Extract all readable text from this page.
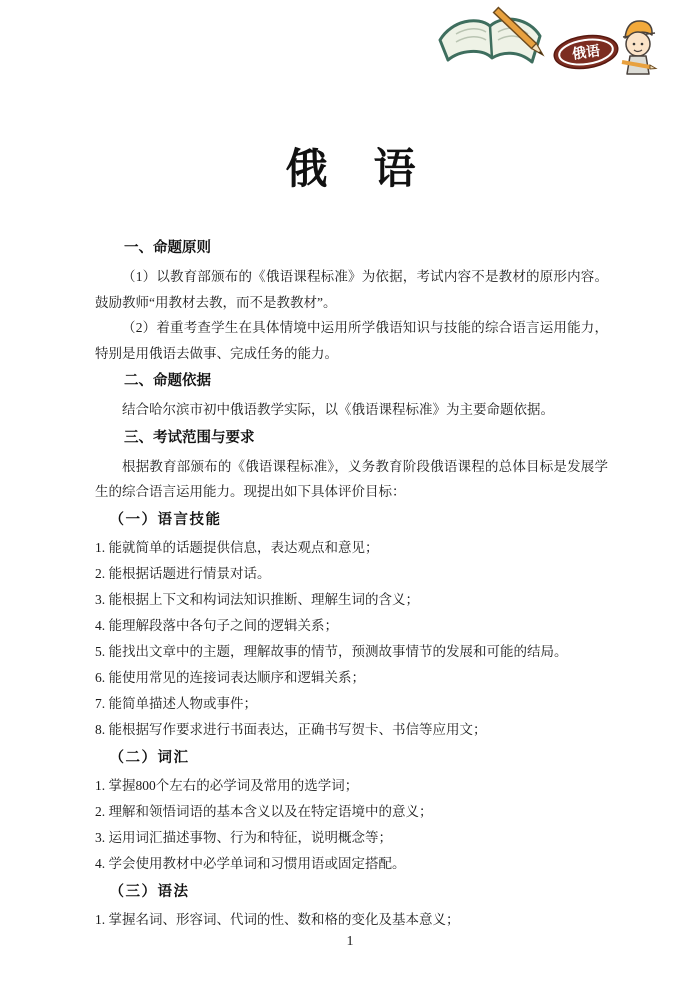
俄语
俄　语
一、命题原则

（1）以教育部颁布的《俄语课程标准》为依据，考试内容不是教材的原形内容。鼓励教师“用教材去教，而不是教教材”。

（2）着重考查学生在具体情境中运用所学俄语知识与技能的综合语言运用能力，特别是用俄语去做事、完成任务的能力。

二、命题依据

结合哈尔滨市初中俄语教学实际，以《俄语课程标准》为主要命题依据。

三、考试范围与要求

根据教育部颁布的《俄语课程标准》，义务教育阶段俄语课程的总体目标是发展学生的综合语言运用能力。现提出如下具体评价目标：

（一）语言技能

1. 能就简单的话题提供信息，表达观点和意见；

2. 能根据话题进行情景对话。

3. 能根据上下文和构词法知识推断、理解生词的含义；

4. 能理解段落中各句子之间的逻辑关系；

5. 能找出文章中的主题，理解故事的情节，预测故事情节的发展和可能的结局。

6. 能使用常见的连接词表达顺序和逻辑关系；

7. 能简单描述人物或事件；

8. 能根据写作要求进行书面表达，正确书写贺卡、书信等应用文；

（二）词汇

1. 掌握800个左右的必学词及常用的选学词；

2. 理解和领悟词语的基本含义以及在特定语境中的意义；

3. 运用词汇描述事物、行为和特征，说明概念等；

4. 学会使用教材中必学单词和习惯用语或固定搭配。

（三）语法

1. 掌握名词、形容词、代词的性、数和格的变化及基本意义；

1
